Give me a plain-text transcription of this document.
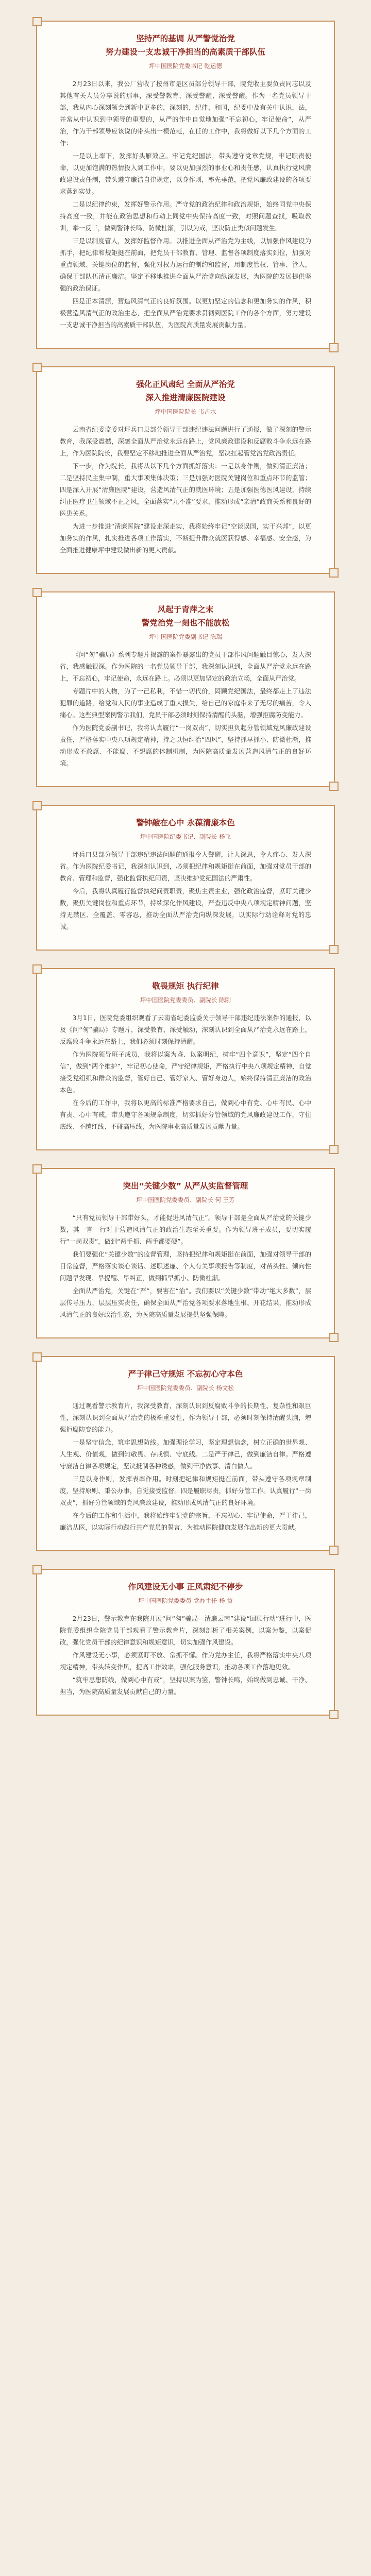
坚持严的基调 从严警觉治党
努力建设一支忠诚干净担当的高素质干部队伍
坪中国医院党委书记 乾运德

2月23日以来，我公厂营收了按州市是区员部分领导干部，院党收主要负责同志以及其他有关人员分享说的那事，深受警教育、深受警醒、深受警醒。作为一名党员领导干部，我从内心深刻领会到新中更多的，深刻的，纪律，和国，纪委中及有关中认识，法，并常从中认识到中领导的重要的，从严的作中自觉地加强“不忘初心，牢记使命”，从严治，作为干部领导应该说的带头出一模范范，在任的工作中，我将做好以下几个方面的工作：

一是以上率下，发挥好头雁效应。牢记党纪国法，带头遵守党章党规，牢记职责使命，以更加饱满的热情投入到工作中，要以更加强烈的事业心和责任感，认真执行党风廉政建设责任制，带头遵守廉洁自律规定，以身作则，率先垂范，把党风廉政建设的各项要求落到实处。

二是以纪律约束，发挥好警示作用。严守党的政治纪律和政治规矩，始终同党中央保持高度一致，并能在政治思想和行动上同党中央保持高度一致，对照问题查找，吸取教训，举一反三，做到警钟长鸣，防微杜渐，引以为戒，坚决防止类似问题发生。

三是以制度管人，发挥好监督作用。以推进全面从严治党为主线，以加强作风建设为抓手，把纪律和规矩挺在前面，把党员干部教育、管理、监督各项制度落实到位，加强对重点领域、关键岗位的监督，强化对权力运行的制约和监督，用制度管权、管事、管人，确保干部队伍清正廉洁。坚定不移地推进全面从严治党向纵深发展，为医院的发展提供坚强的政治保证。

四是正本清源，营造风清气正的良好氛围。以更加坚定的信念和更加务实的作风，积极营造风清气正的政治生态，把全面从严治党要求贯彻到医院工作的各个方面，努力建设一支忠诚干净担当的高素质干部队伍，为医院高质量发展贡献力量。

强化正风肃纪 全面从严治党
深入推进清廉医院建设
坪中国医院院长 韦占水

云南省纪委监委对坪兵口县部分领导干部违纪违法问题进行了通报，做了深刻的警示教育，我深受震撼，深感全面从严治党永远在路上，党风廉政建设和反腐败斗争永远在路上，作为医院院长，我要坚定不移地推进全面从严治党，坚决扛起管党治党政治责任。

下一步，作为院长，我将从以下几个方面抓好落实：一是以身作则，做到清正廉洁；二是坚持民主集中制，重大事项集体决策；三是加强对医院关键岗位和重点环节的监管；四是深入开展“清廉医院”建设，营造风清气正的就医环境；五是加强医德医风建设，持续纠正医疗卫生领域不正之风，全面落实“九不准”要求，推动形成“亲清”政商关系和良好的医患关系。

为进一步推进“清廉医院”建设走深走实，我将始终牢记“空谈误国，实干兴邦”，以更加务实的作风，扎实推进各项工作落实，不断提升群众就医获得感、幸福感、安全感，为全面推进健康坪中建设做出新的更大贡献。

风起于青萍之末
警党治党一刻也不能放松
坪中国医院党委副书记 陈瑞

《问“匆”骗局》系列专题片揭露的案件暴露出的党员干部作风问题触目惊心，发人深省，我感触很深。作为医院的一名党员领导干部，我深刻认识到，全面从严治党永远在路上，不忘初心，牢记使命，永远在路上。必须以更加坚定的政治立场，全面从严治党。

专题片中的人物，为了一己私利，不惜一切代价，罔顾党纪国法，最终都走上了违法犯罪的道路，给党和人民的事业造成了重大损失，给自己的家庭带来了无尽的痛苦，令人痛心。这些典型案例警示我们，党员干部必须时刻保持清醒的头脑，增强拒腐防变能力。

作为医院党委副书记，我将认真履行“一岗双责”，切实担负起分管领域党风廉政建设责任，严格落实中央八项规定精神，持之以恒纠治“四风”，坚持抓早抓小、防微杜渐，推动形成不敢腐、不能腐、不想腐的体制机制，为医院高质量发展营造风清气正的良好环境。

警钟敲在心中 永葆清廉本色
坪中国医院纪委书记、副院长 杨飞

坪兵口县部分领导干部违纪违法问题的通报令人警醒，让人深思，令人痛心、发人深省。作为医院纪委书记，我深刻认识到，必须把纪律和规矩挺在前面，加强对党员干部的教育、管理和监督，强化监督执纪问责，坚决维护党纪国法的严肃性。

今后，我将认真履行监督执纪问责职责，聚焦主责主业，强化政治监督，紧盯关键少数，聚焦关键岗位和重点环节，持续深化作风建设，严查违反中央八项规定精神问题，坚持无禁区、全覆盖、零容忍，推动全面从严治党向纵深发展，以实际行动诠释对党的忠诚。

敬畏规矩 执行纪律
坪中国医院党委委员、副院长 陈刚

3月1日，医院党委组织观看了云南省纪委监委关于领导干部违纪违法案件的通报，以及《问“匆”骗局》专题片，深受教育、深受触动，深刻认识到全面从严治党永远在路上，反腐败斗争永远在路上，我们必须时刻保持清醒。

作为医院领导班子成员，我将以案为鉴、以案明纪，树牢“四个意识”，坚定“四个自信”，做到“两个维护”，牢记初心使命，严守纪律规矩，严格执行中央八项规定精神，自觉接受党组织和群众的监督，管好自己、管好家人、管好身边人，始终保持清正廉洁的政治本色。

在今后的工作中，我将以更高的标准严格要求自己，做到心中有党、心中有民、心中有责、心中有戒，带头遵守各项规章制度，切实抓好分管领域的党风廉政建设工作，守住底线、不越红线、不碰高压线，为医院事业高质量发展贡献力量。

突出“关键少数” 从严从实监督管理
坪中国医院党委委员、副院长 何 王芳

“只有党员领导干部带好头，才能促进风清气正”。领导干部是全面从严治党的关键少数，其一言一行对于营造风清气正的政治生态至关重要。作为领导班子成员，要切实履行“一岗双责”，做到“两手抓、两手都要硬”。

我们要强化“关键少数”的监督管理，坚持把纪律和规矩挺在前面，加强对领导干部的日常监督，严格落实谈心谈话、述职述廉、个人有关事项报告等制度，对苗头性、倾向性问题早发现、早提醒、早纠正，做到抓早抓小、防微杜渐。

全面从严治党，关键在“严”，要害在“治”。我们要以“关键少数”带动“绝大多数”，层层传导压力，层层压实责任，确保全面从严治党各项要求落地生根、开花结果，推动形成风清气正的良好政治生态，为医院高质量发展提供坚强保障。

严于律己守规矩 不忘初心守本色
坪中国医院党委委员、副院长 杨文松

通过观看警示教育片，我深受教育，深刻认识到反腐败斗争的长期性、复杂性和艰巨性，深刻认识到全面从严治党的极端重要性，作为领导干部，必须时刻保持清醒头脑，增强拒腐防变的能力。

一是坚守信念，筑牢思想防线。加强理论学习，坚定理想信念，树立正确的世界观、人生观、价值观，做到知敬畏、存戒惧、守底线。二是严于律己，做到廉洁自律。严格遵守廉洁自律各项规定，坚决抵制各种诱惑，做到干净做事、清白做人。

三是以身作则，发挥表率作用。时刻把纪律和规矩挺在前面，带头遵守各项规章制度，坚持原则、秉公办事，自觉接受监督。四是履职尽责，抓好分管工作。认真履行“一岗双责”，抓好分管领域的党风廉政建设，推动形成风清气正的良好环境。

在今后的工作和生活中，我将始终牢记党的宗旨，不忘初心、牢记使命，严于律己，廉洁从医，以实际行动践行共产党员的誓言，为推动医院健康发展作出新的更大贡献。

作风建设无小事 正风肃纪不停步
坪中国医院党委委员 党办主任 杨 益

2月23日，警示教育在我院开展“问“匆”骗局—清廉云南”建设“回顾行动”进行中，医院党委组织全院党员干部观看了警示教育片，深刻剖析了相关案例，以案为鉴，以案促改，强化党员干部的纪律意识和规矩意识，切实加强作风建设。

作风建设无小事，必须紧盯不放、常抓不懈。作为党办主任，我将严格落实中央八项规定精神，带头转变作风，提高工作效率，强化服务意识，推动各项工作落地见效。

“筑牢思想防线，做到心中有戒”，坚持以案为鉴，警钟长鸣，始终做到忠诚、干净、担当，为医院高质量发展贡献自己的力量。
